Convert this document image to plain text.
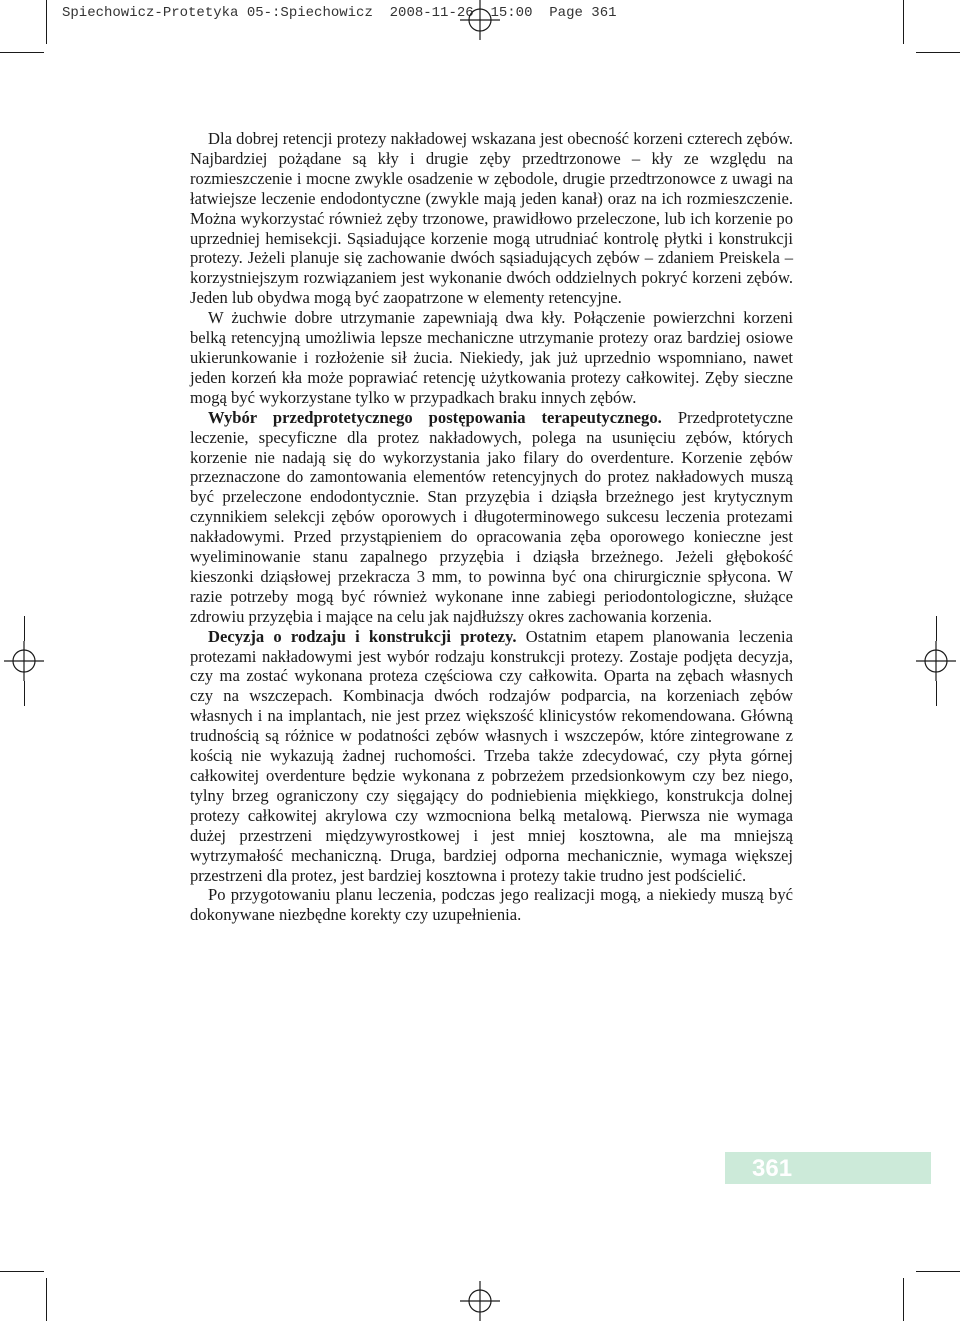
Spiechowicz-Protetyka 05-:Spiechowicz  2008-11-26  15:00  Page 361

Dla dobrej retencji protezy nakładowej wskazana jest obecność korzeni czterech zębów. Najbardziej pożądane są kły i drugie zęby przedtrzonowe – kły ze względu na rozmieszczenie i mocne zwykle osadzenie w zębodole, drugie przedtrzonowce z uwagi na łatwiejsze leczenie endodontyczne (zwykle mają jeden kanał) oraz na ich rozmieszczenie. Można wykorzystać również zęby trzonowe, prawidłowo przeleczone, lub ich korzenie po uprzedniej hemisekcji. Sąsiadujące korzenie mogą utrudniać kontrolę płytki i konstrukcji protezy. Jeżeli planuje się zachowanie dwóch sąsiadujących zębów – zdaniem Preiskela – korzystniejszym rozwiązaniem jest wykonanie dwóch oddzielnych pokryć korzeni zębów. Jeden lub obydwa mogą być zaopatrzone w elementy retencyjne.

W żuchwie dobre utrzymanie zapewniają dwa kły. Połączenie powierzchni korzeni belką retencyjną umożliwia lepsze mechaniczne utrzymanie protezy oraz bardziej osiowe ukierunkowanie i rozłożenie sił żucia. Niekiedy, jak już uprzednio wspomniano, nawet jeden korzeń kła może poprawiać retencję użytkowania protezy całkowitej. Zęby sieczne mogą być wykorzystane tylko w przypadkach braku innych zębów.

Wybór przedprotetycznego postępowania terapeutycznego. Przedprotetyczne leczenie, specyficzne dla protez nakładowych, polega na usunięciu zębów, których korzenie nie nadają się do wykorzystania jako filary do overdenture. Korzenie zębów przeznaczone do zamontowania elementów retencyjnych do protez nakładowych muszą być przeleczone endodontycznie. Stan przyzębia i dziąsła brzeżnego jest krytycznym czynnikiem selekcji zębów oporowych i długoterminowego sukcesu leczenia protezami nakładowymi. Przed przystąpieniem do opracowania zęba oporowego konieczne jest wyeliminowanie stanu zapalnego przyzębia i dziąsła brzeżnego. Jeżeli głębokość kieszonki dziąsłowej przekracza 3 mm, to powinna być ona chirurgicznie spłycona. W razie potrzeby mogą być również wykonane inne zabiegi periodontologiczne, służące zdrowiu przyzębia i mające na celu jak najdłuższy okres zachowania korzenia.

Decyzja o rodzaju i konstrukcji protezy. Ostatnim etapem planowania leczenia protezami nakładowymi jest wybór rodzaju konstrukcji protezy. Zostaje podjęta decyzja, czy ma zostać wykonana proteza częściowa czy całkowita. Oparta na zębach własnych czy na wszczepach. Kombinacja dwóch rodzajów podparcia, na korzeniach zębów własnych i na implantach, nie jest przez większość klinicystów rekomendowana. Główną trudnością są różnice w podatności zębów własnych i wszczepów, które zintegrowane z kością nie wykazują żadnej ruchomości. Trzeba także zdecydować, czy płyta górnej całkowitej overdenture będzie wykonana z pobrzeżem przedsionkowym czy bez niego, tylny brzeg ograniczony czy sięgający do podniebienia miękkiego, konstrukcja dolnej protezy całkowitej akrylowa czy wzmocniona belką metalową. Pierwsza nie wymaga dużej przestrzeni międzywyrostkowej i jest mniej kosztowna, ale ma mniejszą wytrzymałość mechaniczną. Druga, bardziej odporna mechanicznie, wymaga większej przestrzeni dla protez, jest bardziej kosztowna i protezy takie trudno jest podścielić.

Po przygotowaniu planu leczenia, podczas jego realizacji mogą, a niekiedy muszą być dokonywane niezbędne korekty czy uzupełnienia.

361
